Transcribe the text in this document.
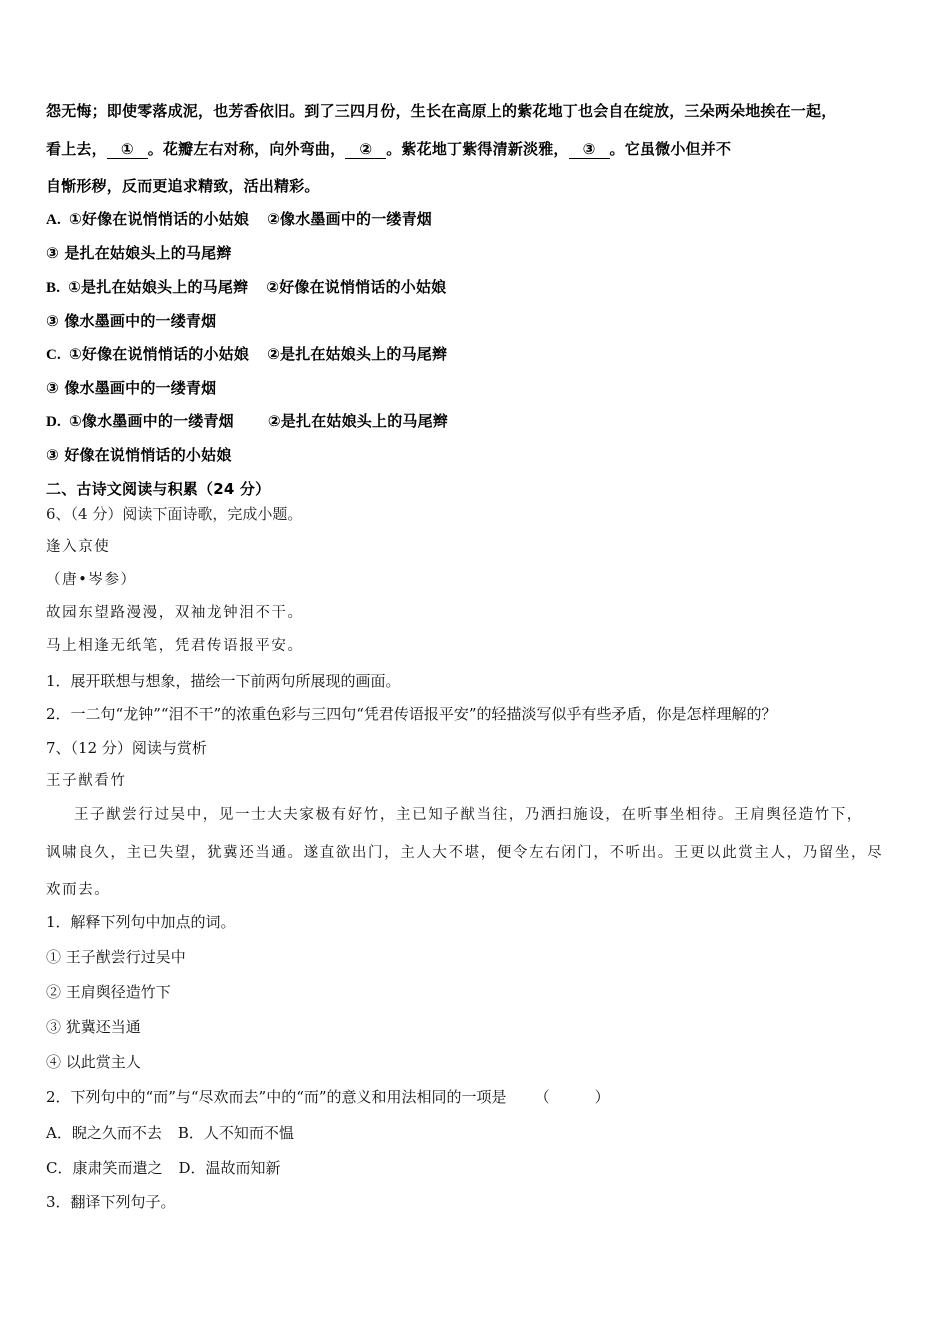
怨无悔；即使零落成泥，也芳香依旧。到了三四月份，生长在高原上的紫花地丁也会自在绽放，三朵两朵地挨在一起，
看上去， ① 。花瓣左右对称，向外弯曲， ② 。紫花地丁紫得清新淡雅， ③ 。它虽微小但并不
自惭形秽，反而更追求精致，活出精彩。
A. ①好像在说悄悄话的小姑娘 ②像水墨画中的一缕青烟
③ 是扎在姑娘头上的马尾辫
B. ①是扎在姑娘头上的马尾辫 ②好像在说悄悄话的小姑娘
③ 像水墨画中的一缕青烟
C. ①好像在说悄悄话的小姑娘 ②是扎在姑娘头上的马尾辫
③ 像水墨画中的一缕青烟
D. ①像水墨画中的一缕青烟 ②是扎在姑娘头上的马尾辫
③ 好像在说悄悄话的小姑娘
二、古诗文阅读与积累（24 分）
6、（4 分）阅读下面诗歌，完成小题。
逢入京使
（唐•岑参）
故园东望路漫漫，双袖龙钟泪不干。
马上相逢无纸笔，凭君传语报平安。
1．展开联想与想象，描绘一下前两句所展现的画面。
2．一二句“龙钟”“泪不干”的浓重色彩与三四句“凭君传语报平安”的轻描淡写似乎有些矛盾，你是怎样理解的？
7、（12 分）阅读与赏析
王子猷看竹
王子猷尝行过吴中，见一士大夫家极有好竹，主已知子猷当往，乃洒扫施设，在听事坐相待。王肩舆径造竹下，
讽啸良久，主已失望，犹冀还当通。遂直欲出门，主人大不堪，便令左右闭门，不听出。王更以此赏主人，乃留坐，尽
欢而去。
1．解释下列句中加点的词。
① 王子猷尝行过吴中
② 王肩舆径造竹下
③ 犹冀还当通
④ 以此赏主人
2．下列句中的“而”与“尽欢而去”中的“而”的意义和用法相同的一项是 （　　　）
A．睨之久而不去 B．人不知而不愠
C．康肃笑而遣之 D．温故而知新
3．翻译下列句子。
